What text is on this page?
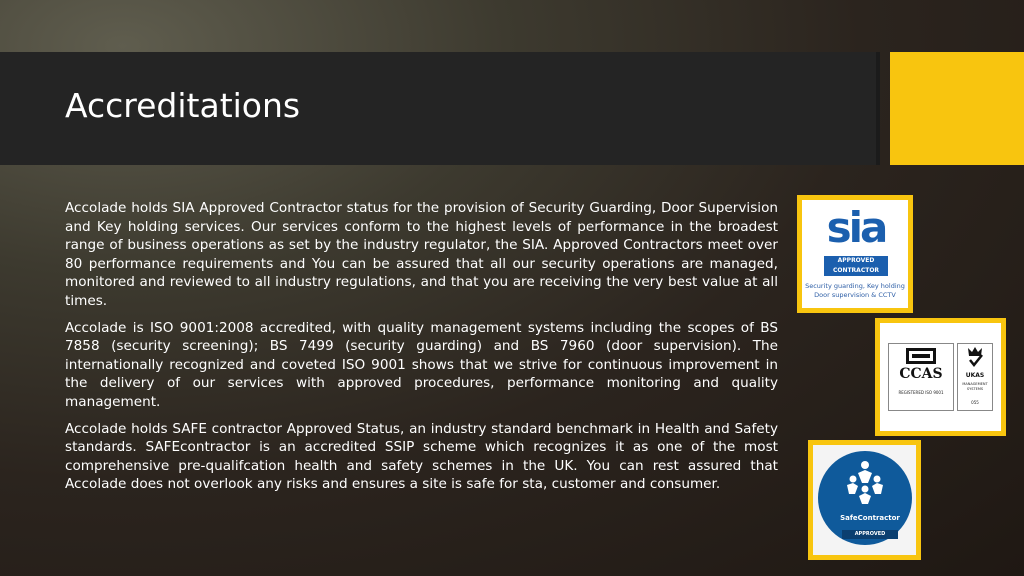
Accreditations

Accolade holds SIA Approved Contractor status for the provision of Security Guarding, Door Supervision and Key holding services. Our services conform to the highest levels of performance in the broadest range of business operations as set by the industry regulator, the SIA. Approved Contractors meet over 80 performance requirements and You can be assured that all our security operations are managed, monitored and reviewed to all industry regulations, and that you are receiving the very best value at all times.

Accolade is ISO 9001:2008 accredited, with quality management systems including the scopes of BS 7858 (security screening); BS 7499 (security guarding) and BS 7960 (door supervision). The internationally recognized and coveted ISO 9001 shows that we strive for continuous improvement in the delivery of our services with approved procedures, performance monitoring and quality management.

Accolade holds SAFE contractor Approved Status, an industry standard benchmark in Health and Safety standards. SAFEcontractor is an accredited SSIP scheme which recognizes it as one of the most comprehensive pre-qualifcation health and safety schemes in the UK. You can rest assured that Accolade does not overlook any risks and ensures a site is safe for sta, customer and consumer.

sia
APPROVED CONTRACTOR
Security guarding, Key holding Door supervision & CCTV
CCAS
REGISTERED ISO 9001
UKAS
MANAGEMENT SYSTEMS
055
SafeContractor
APPROVED
